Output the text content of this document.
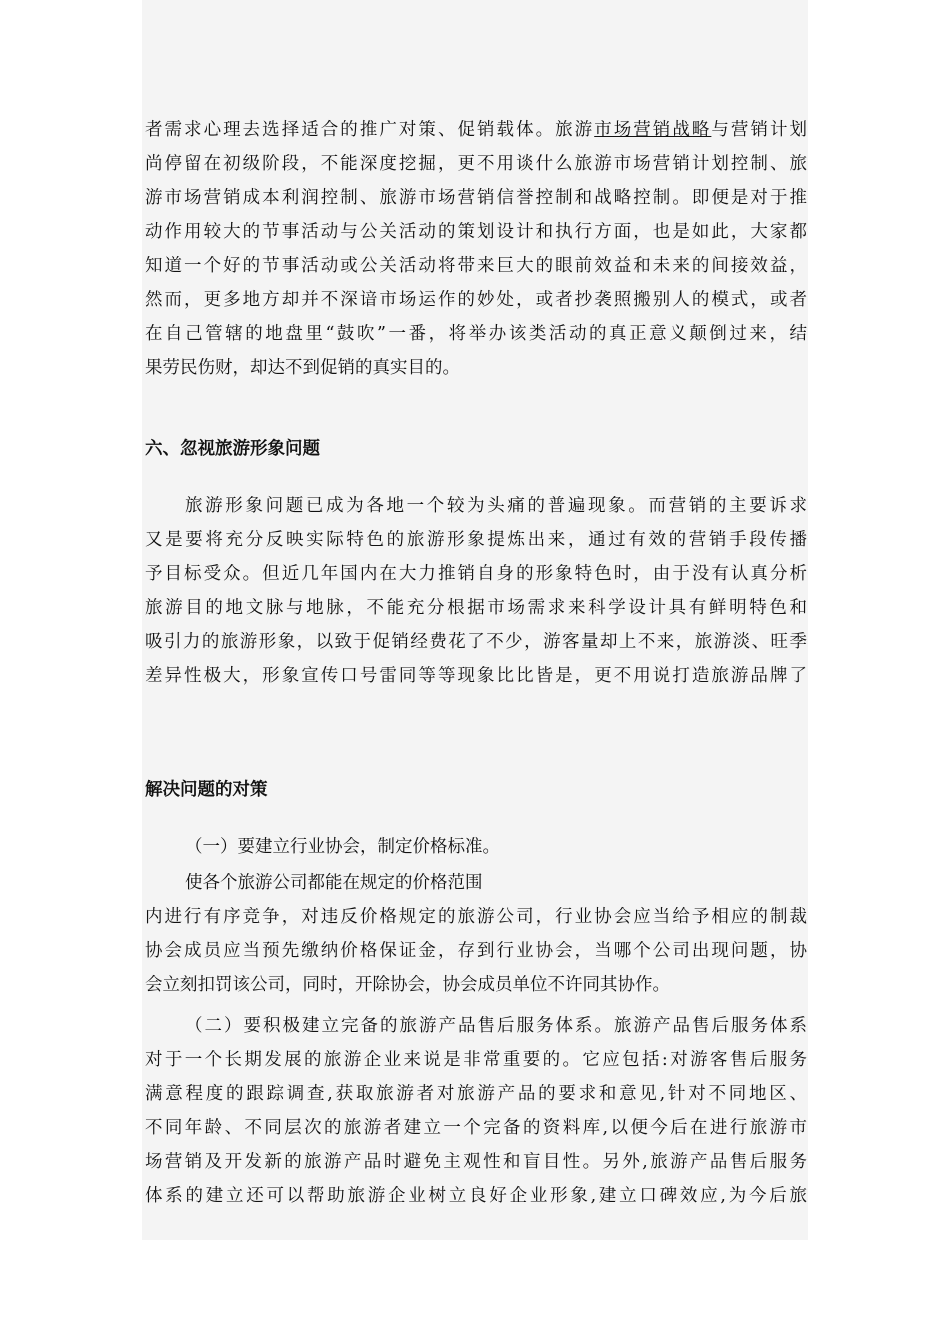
者需求心理去选择适合的推广对策、促销载体。旅游市场营销战略与营销计划
尚停留在初级阶段，不能深度挖掘，更不用谈什么旅游市场营销计划控制、旅
游市场营销成本利润控制、旅游市场营销信誉控制和战略控制。即便是对于推
动作用较大的节事活动与公关活动的策划设计和执行方面，也是如此，大家都
知道一个好的节事活动或公关活动将带来巨大的眼前效益和未来的间接效益，
然而，更多地方却并不深谙市场运作的妙处，或者抄袭照搬别人的模式，或者
在自己管辖的地盘里“鼓吹”一番，将举办该类活动的真正意义颠倒过来，结
果劳民伤财，却达不到促销的真实目的。
六、忽视旅游形象问题
旅游形象问题已成为各地一个较为头痛的普遍现象。而营销的主要诉求
又是要将充分反映实际特色的旅游形象提炼出来，通过有效的营销手段传播
予目标受众。但近几年国内在大力推销自身的形象特色时，由于没有认真分析
旅游目的地文脉与地脉，不能充分根据市场需求来科学设计具有鲜明特色和
吸引力的旅游形象，以致于促销经费花了不少，游客量却上不来，旅游淡、旺季
差异性极大，形象宣传口号雷同等等现象比比皆是，更不用说打造旅游品牌了
解决问题的对策
（一）要建立行业协会，制定价格标准。
使各个旅游公司都能在规定的价格范围
内进行有序竞争，对违反价格规定的旅游公司，行业协会应当给予相应的制裁
协会成员应当预先缴纳价格保证金，存到行业协会，当哪个公司出现问题，协
会立刻扣罚该公司，同时，开除协会，协会成员单位不许同其协作。
（二）要积极建立完备的旅游产品售后服务体系。旅游产品售后服务体系
对于一个长期发展的旅游企业来说是非常重要的。它应包括:对游客售后服务
满意程度的跟踪调查,获取旅游者对旅游产品的要求和意见,针对不同地区、
不同年龄、不同层次的旅游者建立一个完备的资料库,以便今后在进行旅游市
场营销及开发新的旅游产品时避免主观性和盲目性。另外,旅游产品售后服务
体系的建立还可以帮助旅游企业树立良好企业形象,建立口碑效应,为今后旅
